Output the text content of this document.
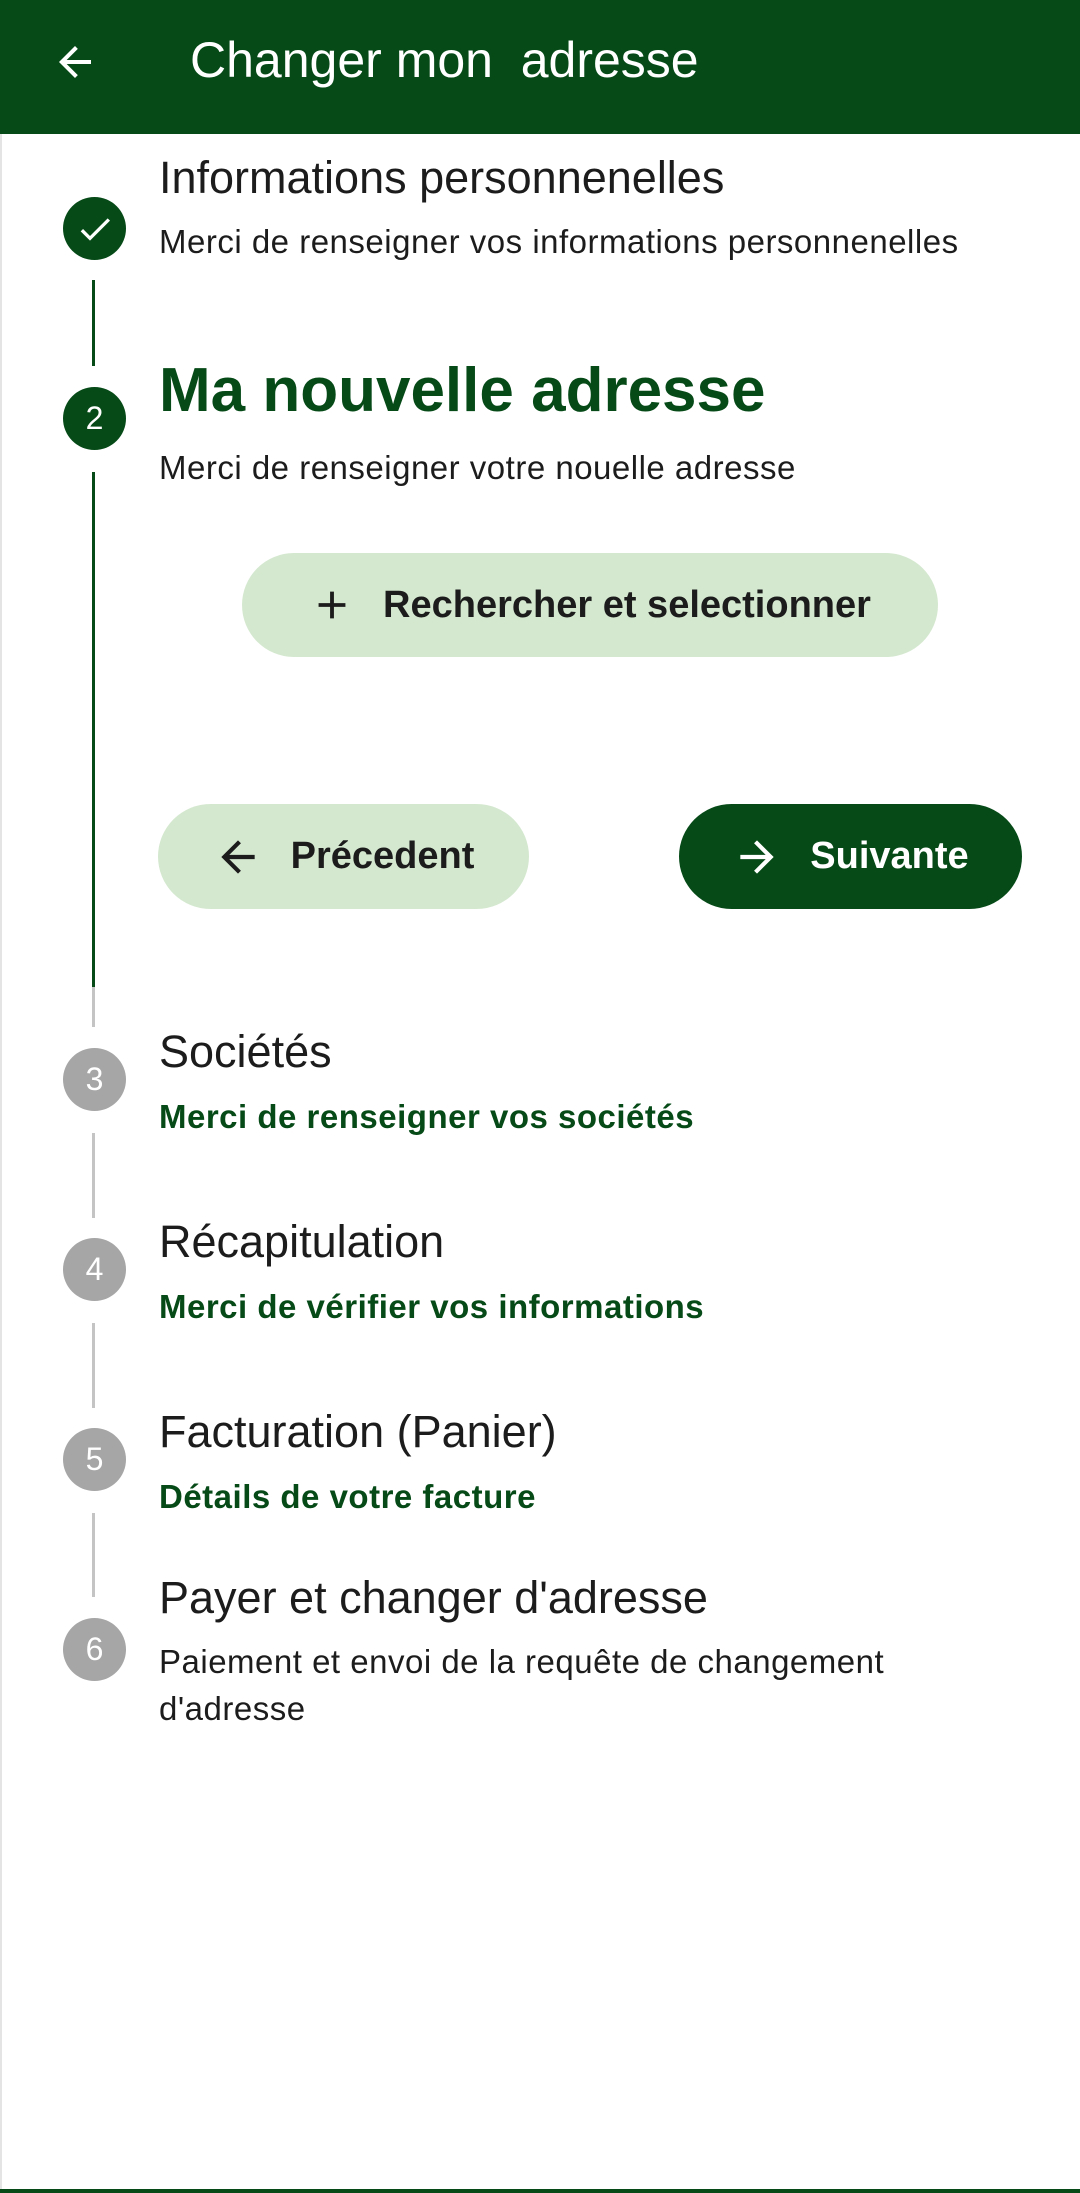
Changer mon  adresse
Informations personnenelles
Merci de renseigner vos informations personnenelles
2 Ma nouvelle adresse
Merci de renseigner votre nouelle adresse
Rechercher et selectionner
Précedent	Suivante
3
Sociétés
Merci de renseigner vos sociétés
4
Récapitulation
Merci de vérifier vos informations
5
Facturation (Panier)
Détails de votre facture
6
Payer et changer d'adresse
Paiement et envoi de la requête de changement d'adresse
